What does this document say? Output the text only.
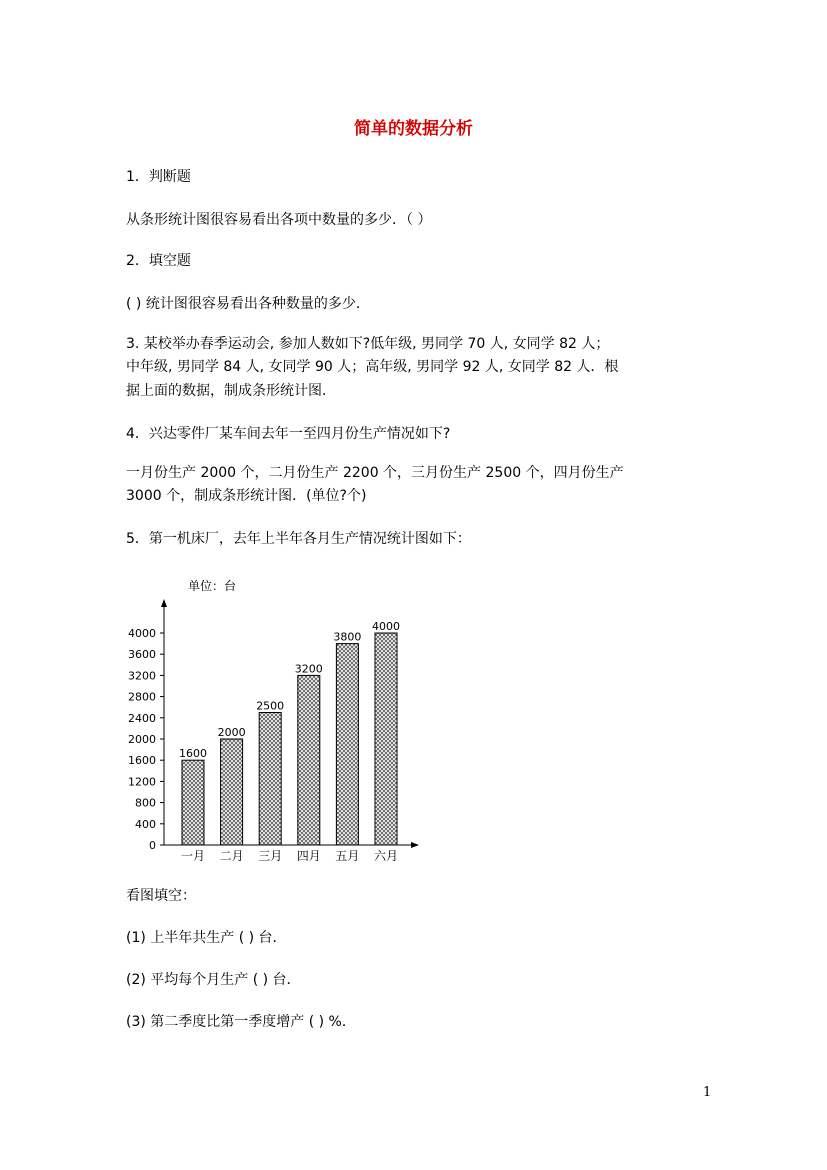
简单的数据分析
1．判断题
从条形统计图很容易看出各项中数量的多少．（ ）
2．填空题
( ) 统计图很容易看出各种数量的多少．
3. 某校举办春季运动会, 参加人数如下?低年级, 男同学 70 人, 女同学 82 人；
中年级, 男同学 84 人, 女同学 90 人；高年级, 男同学 92 人, 女同学 82 人．根
据上面的数据，制成条形统计图．
4．兴达零件厂某车间去年一至四月份生产情况如下?
一月份生产 2000 个，二月份生产 2200 个，三月份生产 2500 个，四月份生产
3000 个，制成条形统计图．(单位?个)
5．第一机床厂，去年上半年各月生产情况统计图如下：
单位：台
0
400
800
1200
1600
2000
2400
2800
3200
3600
4000
1600
一月
2000
二月
2500
三月
3200
四月
3800
五月
4000
六月
看图填空：
(1) 上半年共生产 ( ) 台．
(2) 平均每个月生产 ( ) 台．
(3) 第二季度比第一季度增产 ( ) %．
1
